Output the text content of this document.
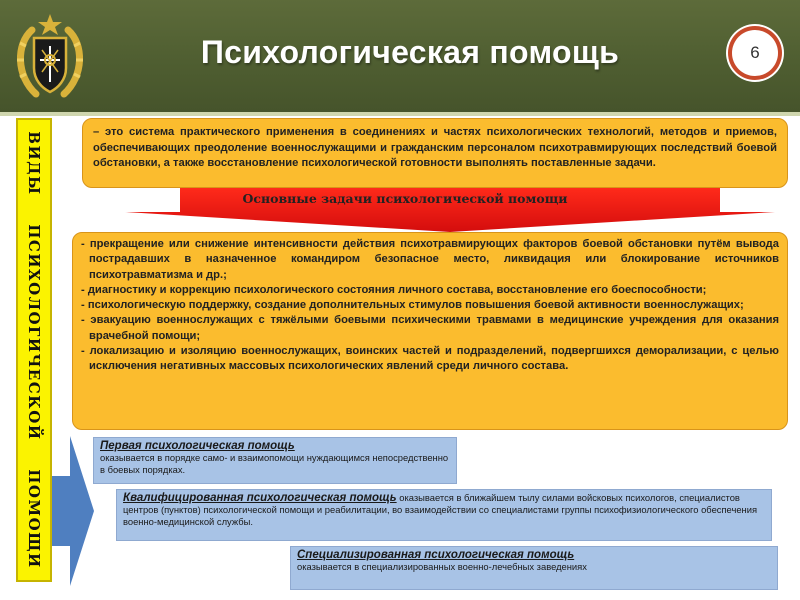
Психологическая помощь	6
ВИДЫ ПСИХОЛОГИЧЕСКОЙ ПОМОЩИ	– это система практического применения в соединениях и частях психологических технологий, методов и приемов, обеспечивающих преодоление военнослужащими и гражданским персоналом психотравмирующих последствий боевой обстановки, а также восстановление психологической готовности выполнять поставленные задачи.
Основные задачи психологической помощи
- прекращение или снижение интенсивности действия психотравмирующих факторов боевой обстановки путём вывода пострадавших в назначенное командиром безопасное место, ликвидация или блокирование источников психотравматизма и др.;
- диагностику и коррекцию психологического состояния личного состава, восстановление его боеспособности;
- психологическую поддержку, создание дополнительных стимулов повышения боевой активности военнослужащих;
- эвакуацию военнослужащих с тяжёлыми боевыми психическими травмами в медицинские учреждения для оказания врачебной помощи;
- локализацию и изоляцию военнослужащих, воинских частей и подразделений, подвергшихся деморализации, с целью исключения негативных массовых психологических явлений среди личного состава.
Первая психологическая помощь
оказывается в порядке само- и взаимопомощи нуждающимся непосредственно в боевых порядках.
Квалифицированная психологическая помощь оказывается в ближайшем тылу силами войсковых психологов, специалистов центров (пунктов) психологической помощи и реабилитации, во взаимодействии со специалистами группы психофизиологического обеспечения военно-медицинской службы.
Специализированная психологическая помощь
оказывается в специализированных военно-лечебных заведениях
